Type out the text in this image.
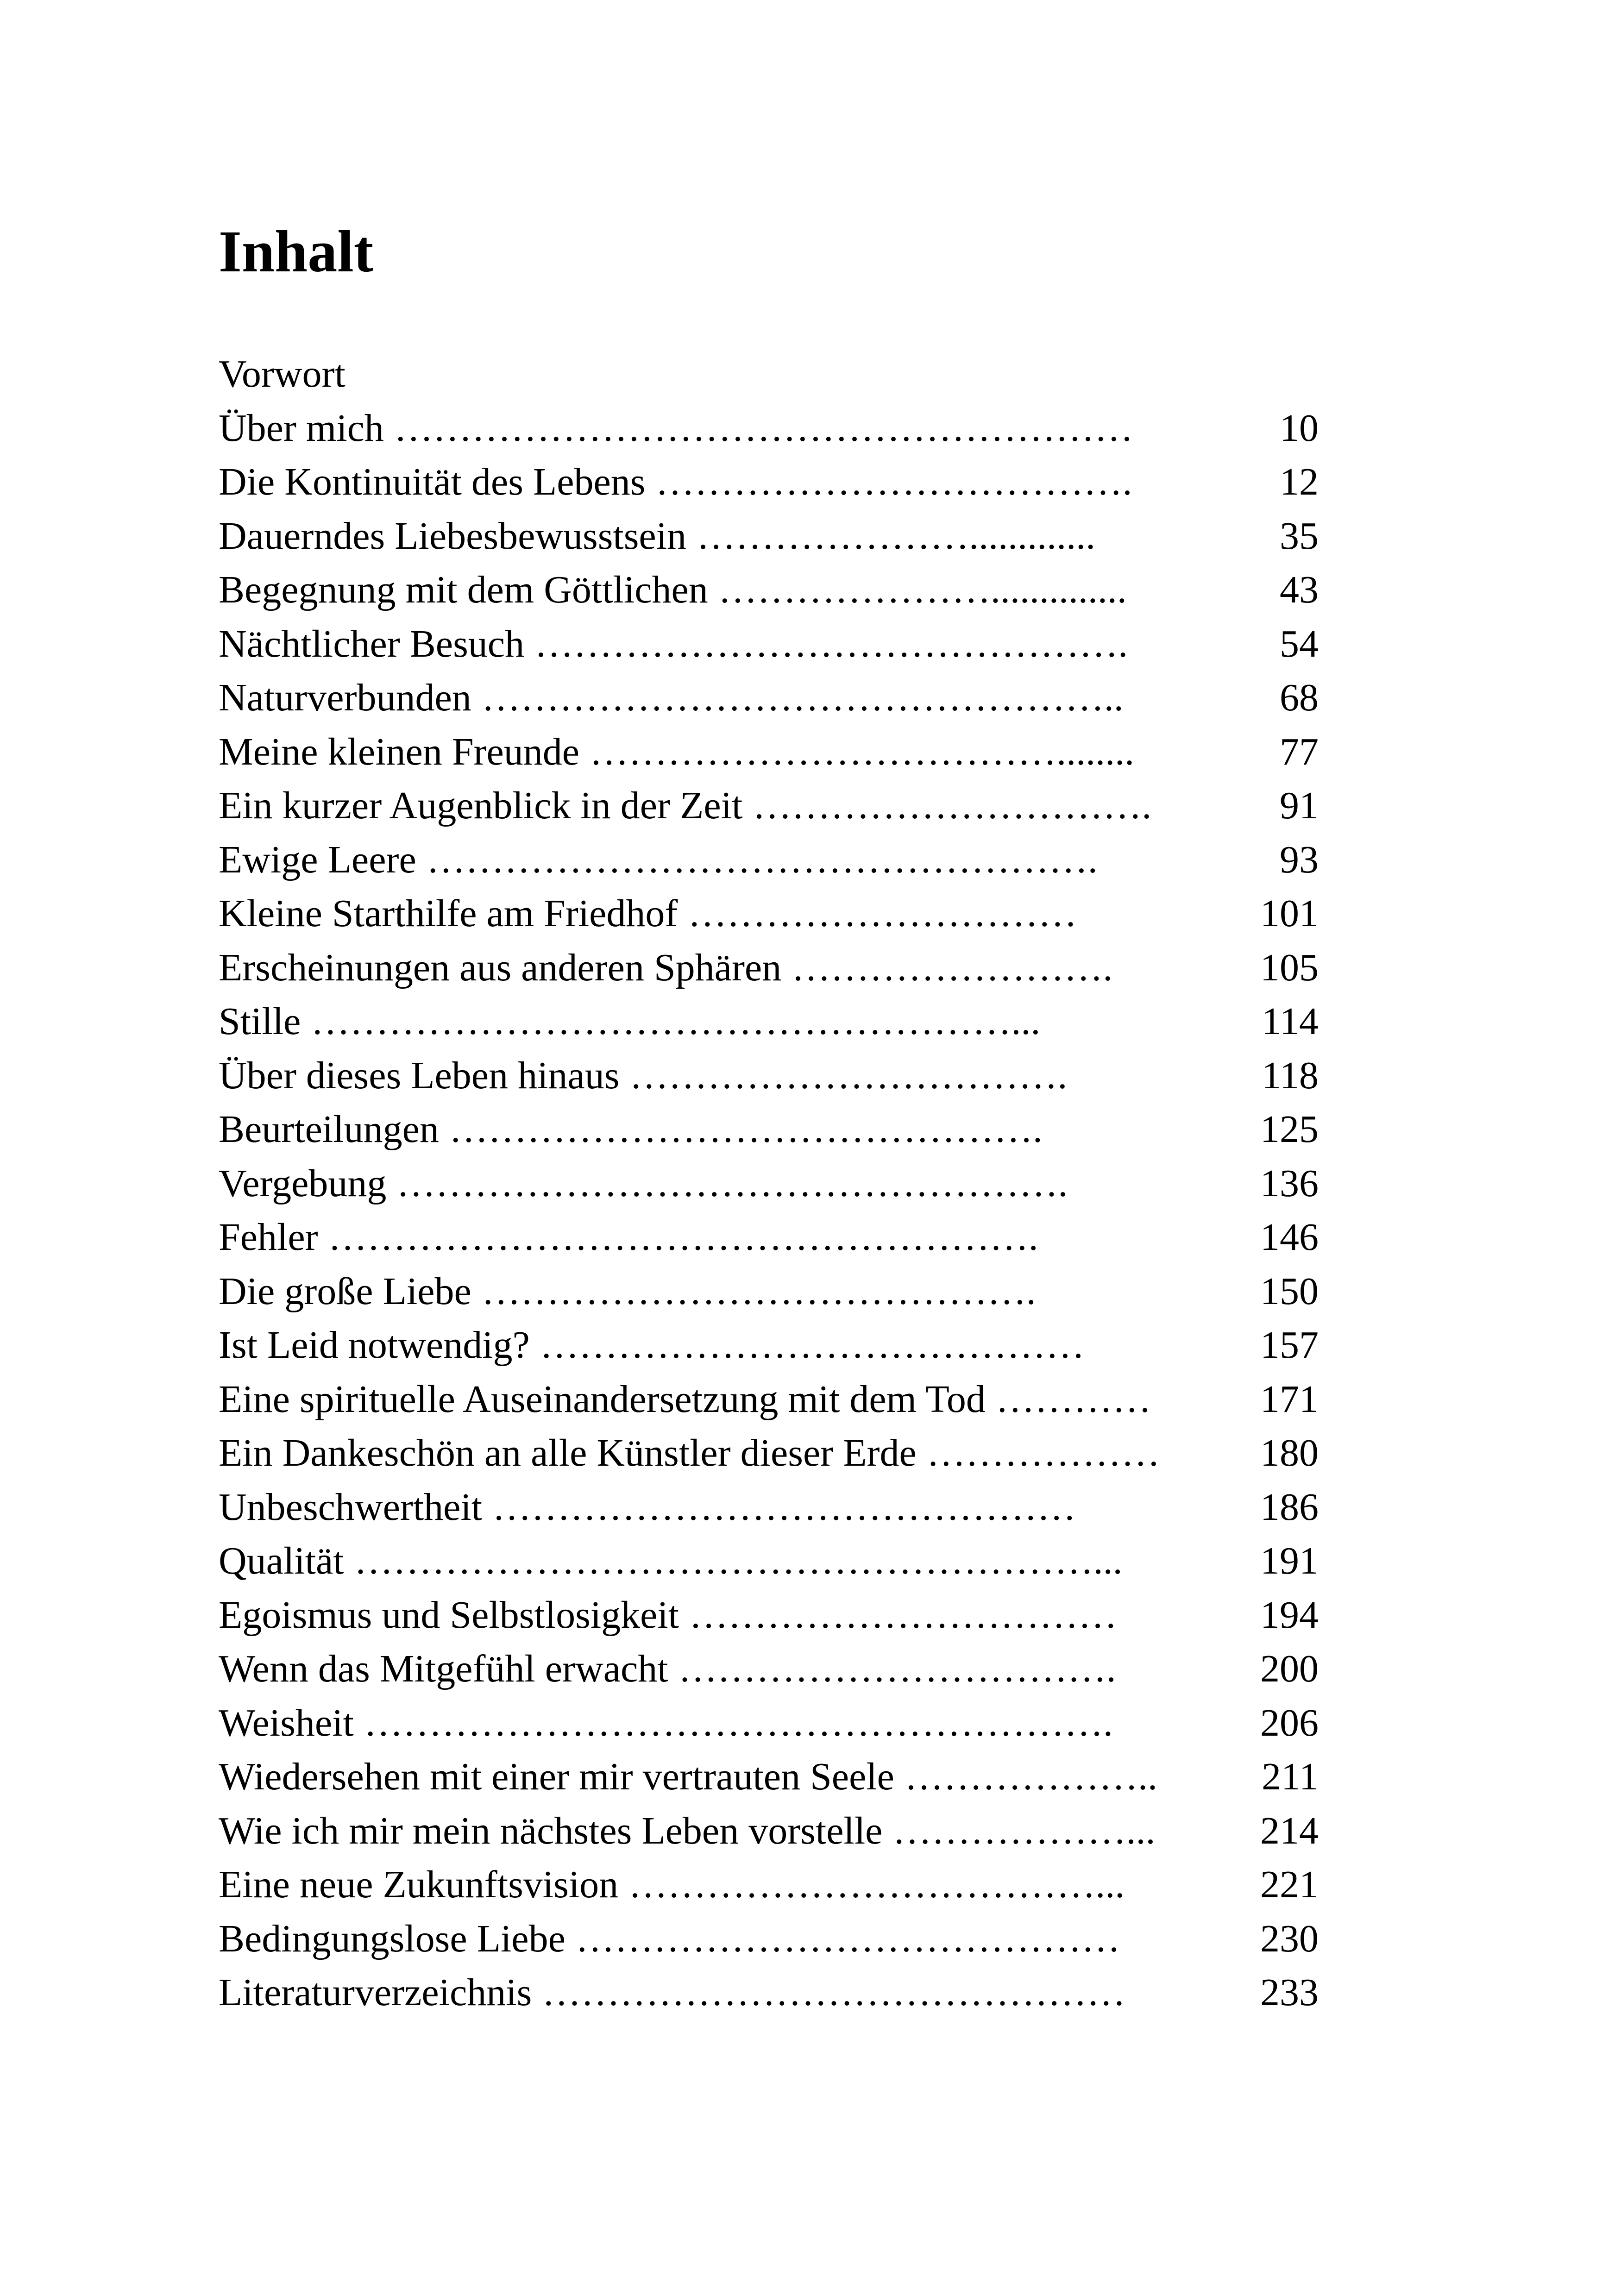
Inhalt
Vorwort
Über mich …………………………………………………	10
Die Kontinuität des Lebens ……………………………….	12
Dauerndes Liebesbewusstsein ………………….............	35
Begegnung mit dem Göttlichen …………………..............	43
Nächtlicher Besuch ……………………………………….	54
Naturverbunden …………………………………………..	68
Meine kleinen Freunde ………………………………........	77
Ein kurzer Augenblick in der Zeit ………………………….	91
Ewige Leere …………………………………………….	93
Kleine Starthilfe am Friedhof …………………………	101
Erscheinungen aus anderen Sphären …………………….	105
Stille ………………………………………………...	114
Über dieses Leben hinaus …………………………….	118
Beurteilungen ……………………………………….	125
Vergebung …………………………………………….	136
Fehler ……………………………………………….	146
Die große Liebe …………………………………….	150
Ist Leid notwendig? ……………………………………	157
Eine spirituelle Auseinandersetzung mit dem Tod …………	171
Ein Dankeschön an alle Künstler dieser Erde ………………	180
Unbeschwertheit ………………………………………	186
Qualität …………………………………………………...	191
Egoismus und Selbstlosigkeit ……………………………	194
Wenn das Mitgefühl erwacht …………………………….	200
Weisheit ………………………………………………….	206
Wiedersehen mit einer mir vertrauten Seele ………………..	211
Wie ich mir mein nächstes Leben vorstelle ………………...	214
Eine neue Zukunftsvision ………………………………...	221
Bedingungslose Liebe ……………………………………	230
Literaturverzeichnis ………………………………………	233
